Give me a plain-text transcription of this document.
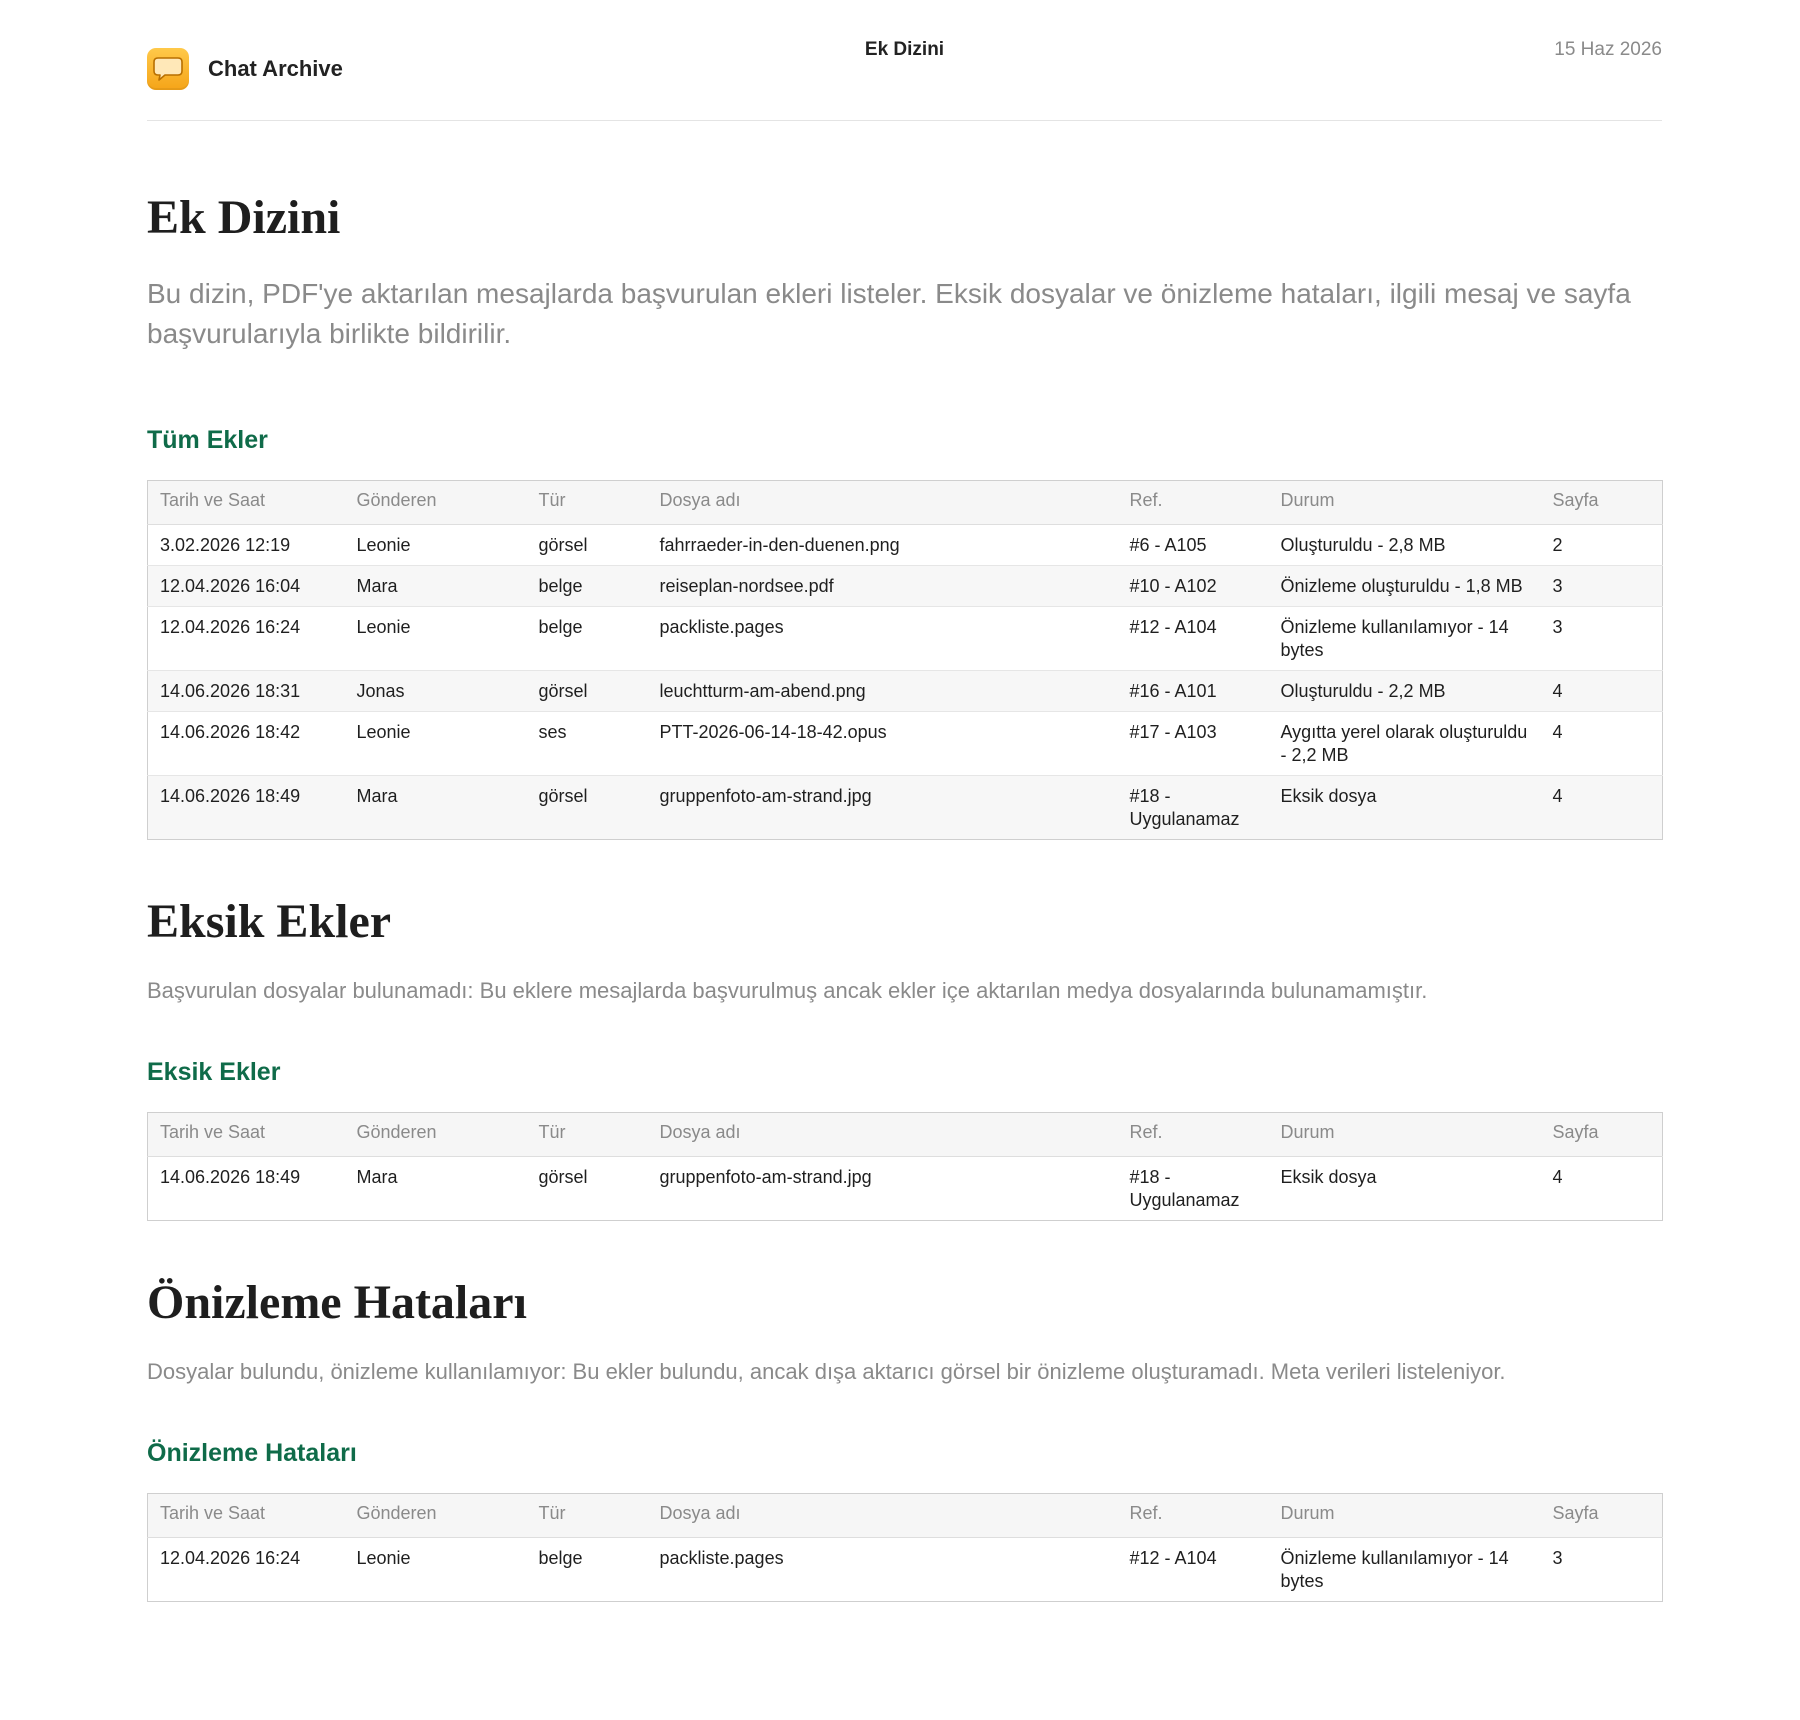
Chat Archive
Ek Dizini	15 Haz 2026
Ek Dizini

Bu dizin, PDF'ye aktarılan mesajlarda başvurulan ekleri listeler. Eksik dosyalar ve önizleme hataları, ilgili mesaj ve sayfa başvurularıyla birlikte bildirilir.

Tüm Ekler
Tarih ve Saat	Gönderen	Tür	Dosya adı	Ref.	Durum	Sayfa
3.02.2026 12:19	Leonie	görsel	fahrraeder-in-den-duenen.png	#6 - A105	Oluşturuldu - 2,8 MB	2
12.04.2026 16:04	Mara	belge	reiseplan-nordsee.pdf	#10 - A102	Önizleme oluşturuldu - 1,8 MB	3
12.04.2026 16:24	Leonie	belge	packliste.pages	#12 - A104	Önizleme kullanılamıyor - 14 bytes	3
14.06.2026 18:31	Jonas	görsel	leuchtturm-am-abend.png	#16 - A101	Oluşturuldu - 2,2 MB	4
14.06.2026 18:42	Leonie	ses	PTT-2026-06-14-18-42.opus	#17 - A103	Aygıtta yerel olarak oluşturuldu - 2,2 MB	4
14.06.2026 18:49	Mara	görsel	gruppenfoto-am-strand.jpg	#18 - Uygulanamaz	Eksik dosya	4
Eksik Ekler

Başvurulan dosyalar bulunamadı: Bu eklere mesajlarda başvurulmuş ancak ekler içe aktarılan medya dosyalarında bulunamamıştır.

Eksik Ekler
Tarih ve Saat	Gönderen	Tür	Dosya adı	Ref.	Durum	Sayfa
14.06.2026 18:49	Mara	görsel	gruppenfoto-am-strand.jpg	#18 - Uygulanamaz	Eksik dosya	4
Önizleme Hataları

Dosyalar bulundu, önizleme kullanılamıyor: Bu ekler bulundu, ancak dışa aktarıcı görsel bir önizleme oluşturamadı. Meta verileri listeleniyor.

Önizleme Hataları
Tarih ve Saat	Gönderen	Tür	Dosya adı	Ref.	Durum	Sayfa
12.04.2026 16:24	Leonie	belge	packliste.pages	#12 - A104	Önizleme kullanılamıyor - 14 bytes	3
